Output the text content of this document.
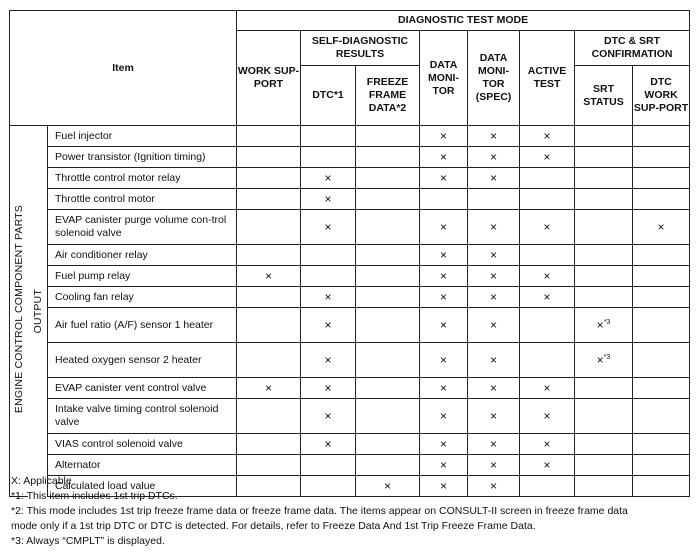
Item		DIAGNOSTIC TEST MODE							
		WORK SUP-PORT	SELF-DIAGNOSTIC RESULTS		DATA MONI-TOR	DATA MONI-TOR (SPEC)	ACTIVE TEST	DTC & SRT CONFIRMATION	
			DTC*1	FREEZE FRAME DATA*2				SRT STATUS	DTC WORK SUP-PORT
ENGINE CONTROL COMPONENT PARTS	Fuel injector				×	×	×		
	Power transistor (Ignition timing)				×	×	×		
	Throttle control motor relay		×		×	×			
	Throttle control motor		×						
	EVAP canister purge volume con-trol solenoid valve		×		×	×	×		×
	Air conditioner relay				×	×			
	Fuel pump relay	×			×	×	×		
	Cooling fan relay		×		×	×	×		
	Air fuel ratio (A/F) sensor 1 heater		×		×	×		×$^{*3}$	
	Heated oxygen sensor 2 heater		×		×	×		×$^{*3}$	
	EVAP canister vent control valve	×	×		×	×	×		
	Intake valve timing control solenoid valve		×		×	×	×		
	VIAS control solenoid valve		×		×	×	×		
	Alternator				×	×	×		
	Calculated load value			×	×	×			
OUTPUT
X: Applicable
*1: This item includes 1st trip DTCs.
*2: This mode includes 1st trip freeze frame data or freeze frame data. The items appear on CONSULT-II screen in freeze frame data
mode only if a 1st trip DTC or DTC is detected. For details, refer to Freeze Data And 1st Trip Freeze Frame Data.
*3: Always “CMPLT” is displayed.
